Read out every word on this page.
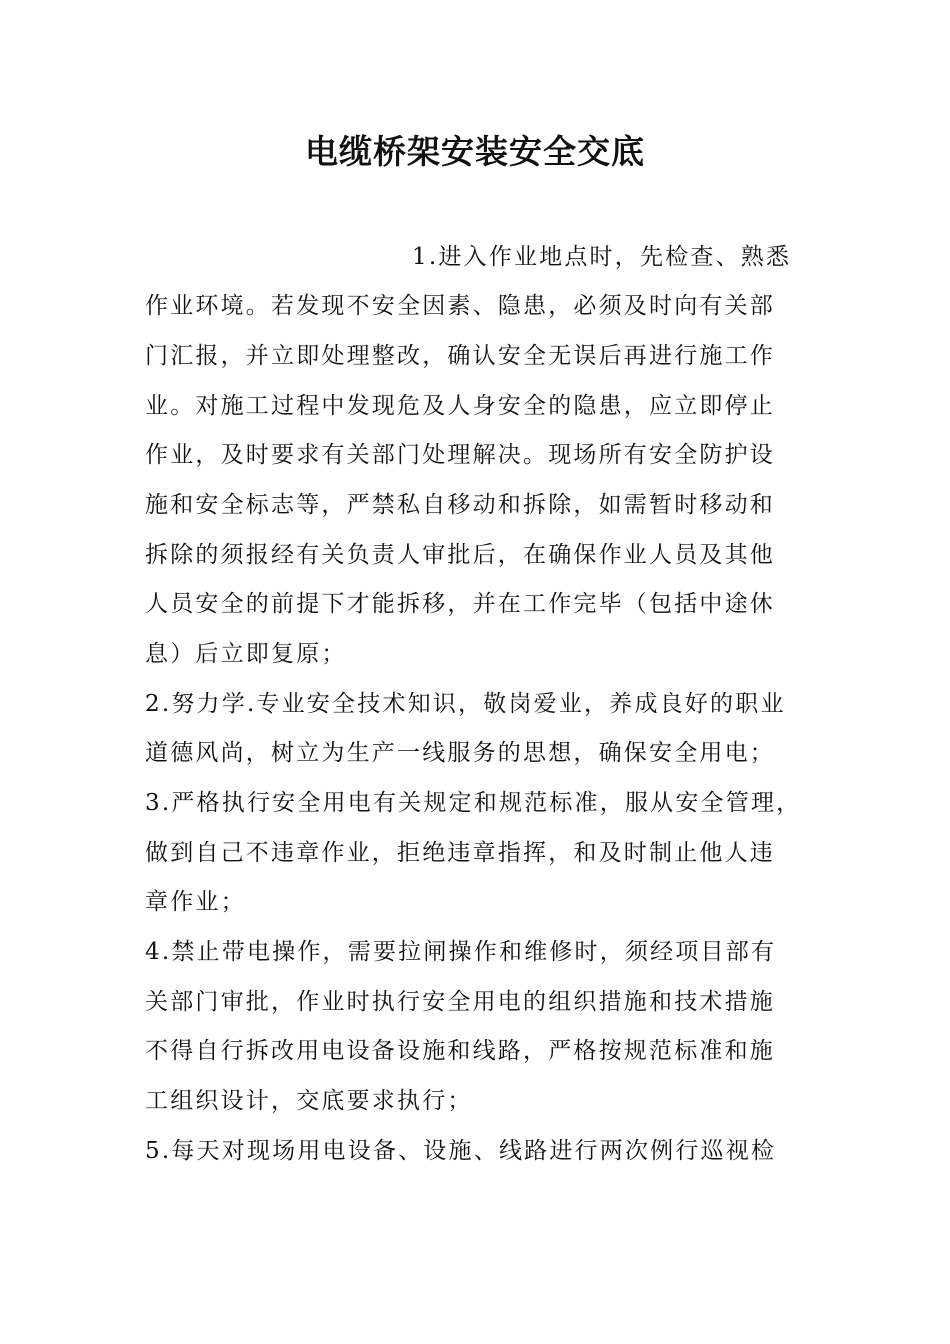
电缆桥架安装安全交底
1.进入作业地点时，先检查、熟悉
作业环境。若发现不安全因素、隐患，必须及时向有关部
门汇报，并立即处理整改，确认安全无误后再进行施工作
业。对施工过程中发现危及人身安全的隐患，应立即停止
作业，及时要求有关部门处理解决。现场所有安全防护设
施和安全标志等，严禁私自移动和拆除，如需暂时移动和
拆除的须报经有关负责人审批后，在确保作业人员及其他
人员安全的前提下才能拆移，并在工作完毕（包括中途休
息）后立即复原；
2.努力学.专业安全技术知识，敬岗爱业，养成良好的职业
道德风尚，树立为生产一线服务的思想，确保安全用电；
3.严格执行安全用电有关规定和规范标准，服从安全管理，
做到自己不违章作业，拒绝违章指挥，和及时制止他人违
章作业；
4.禁止带电操作，需要拉闸操作和维修时，须经项目部有
关部门审批，作业时执行安全用电的组织措施和技术措施
不得自行拆改用电设备设施和线路，严格按规范标准和施
工组织设计，交底要求执行；
5.每天对现场用电设备、设施、线路进行两次例行巡视检
